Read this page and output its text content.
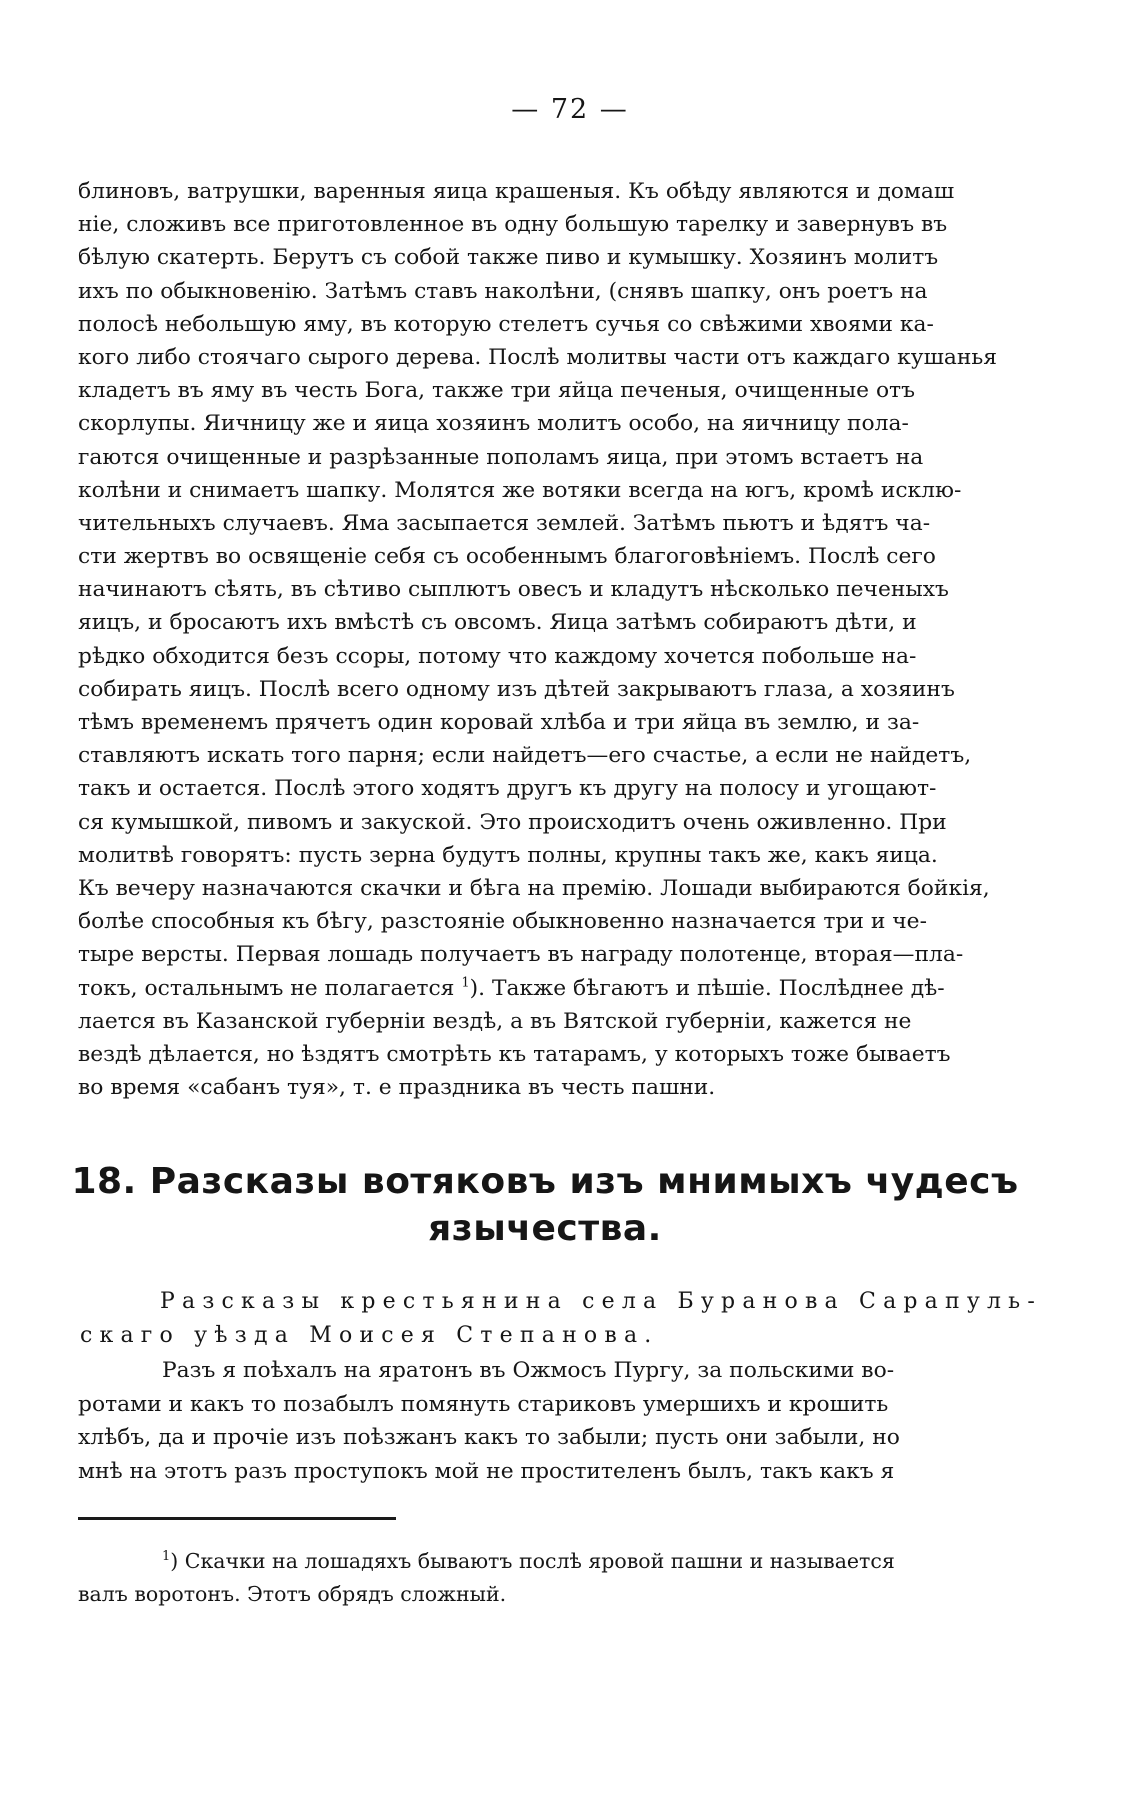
— 72 —
блиновъ, ватрушки, варенныя яица крашеныя. Къ обѣду являются и домаш
ніе, сложивъ все приготовленное въ одну большую тарелку и завернувъ въ
бѣлую скатерть. Берутъ съ собой также пиво и кумышку. Хозяинъ молитъ
ихъ по обыкновенію. Затѣмъ ставъ наколѣни, (снявъ шапку, онъ роетъ на
полосѣ небольшую яму, въ которую стелетъ сучья со свѣжими хвоями ка-
кого либо стоячаго сырого дерева. Послѣ молитвы части отъ каждаго кушанья
кладетъ въ яму въ честь Бога, также три яйца печеныя, очищенные отъ
скорлупы. Яичницу же и яица хозяинъ молитъ особо, на яичницу пола-
гаются очищенные и разрѣзанные пополамъ яица, при этомъ встаетъ на
колѣни и снимаетъ шапку. Молятся же вотяки всегда на югъ, кромѣ исклю-
чительныхъ случаевъ. Яма засыпается землей. Затѣмъ пьютъ и ѣдятъ ча-
сти жертвъ во освященіе себя съ особеннымъ благоговѣніемъ. Послѣ сего
начинаютъ сѣять, въ сѣтиво сыплютъ овесъ и кладутъ нѣсколько печеныхъ
яицъ, и бросаютъ ихъ вмѣстѣ съ овсомъ. Яица затѣмъ собираютъ дѣти, и
рѣдко обходится безъ ссоры, потому что каждому хочется побольше на-
собирать яицъ. Послѣ всего одному изъ дѣтей закрываютъ глаза, а хозяинъ
тѣмъ временемъ прячетъ один коровай хлѣба и три яйца въ землю, и за-
ставляютъ искать того парня; если найдетъ—его счастье, а если не найдетъ,
такъ и остается. Послѣ этого ходятъ другъ къ другу на полосу и угощают-
ся кумышкой, пивомъ и закуской. Это происходитъ очень оживленно. При
молитвѣ говорятъ: пусть зерна будутъ полны, крупны такъ же, какъ яица.
Къ вечеру назначаются скачки и бѣга на премію. Лошади выбираются бойкія,
болѣе способныя къ бѣгу, разстояніе обыкновенно назначается три и че-
тыре версты. Первая лошадь получаетъ въ награду полотенце, вторая—пла-
токъ, остальнымъ не полагается $^1$). Также бѣгаютъ и пѣшіе. Послѣднее дѣ-
лается въ Казанской губерніи вездѣ, а въ Вятской губерніи, кажется не
вездѣ дѣлается, но ѣздятъ смотрѣть къ татарамъ, у которыхъ тоже бываетъ
во время «сабанъ туя», т. е праздника въ честь пашни.
18. Разсказы вотяковъ изъ мнимыхъ чудесъ
язычества.
Разсказы крестьянина села Буранова Сарапуль-
скаго уѣзда Моисея Степанова.
Разъ я поѣхалъ на яратонъ въ Ожмосъ Пургу, за польскими во-
ротами и какъ то позабылъ помянуть стариковъ умершихъ и крошить
хлѣбъ, да и прочіе изъ поѣзжанъ какъ то забыли; пусть они забыли, но
мнѣ на этотъ разъ проступокъ мой не простителенъ былъ, такъ какъ я
$^1$) Скачки на лошадяхъ бываютъ послѣ яровой пашни и называется
валъ воротонъ. Этотъ обрядъ сложный.
